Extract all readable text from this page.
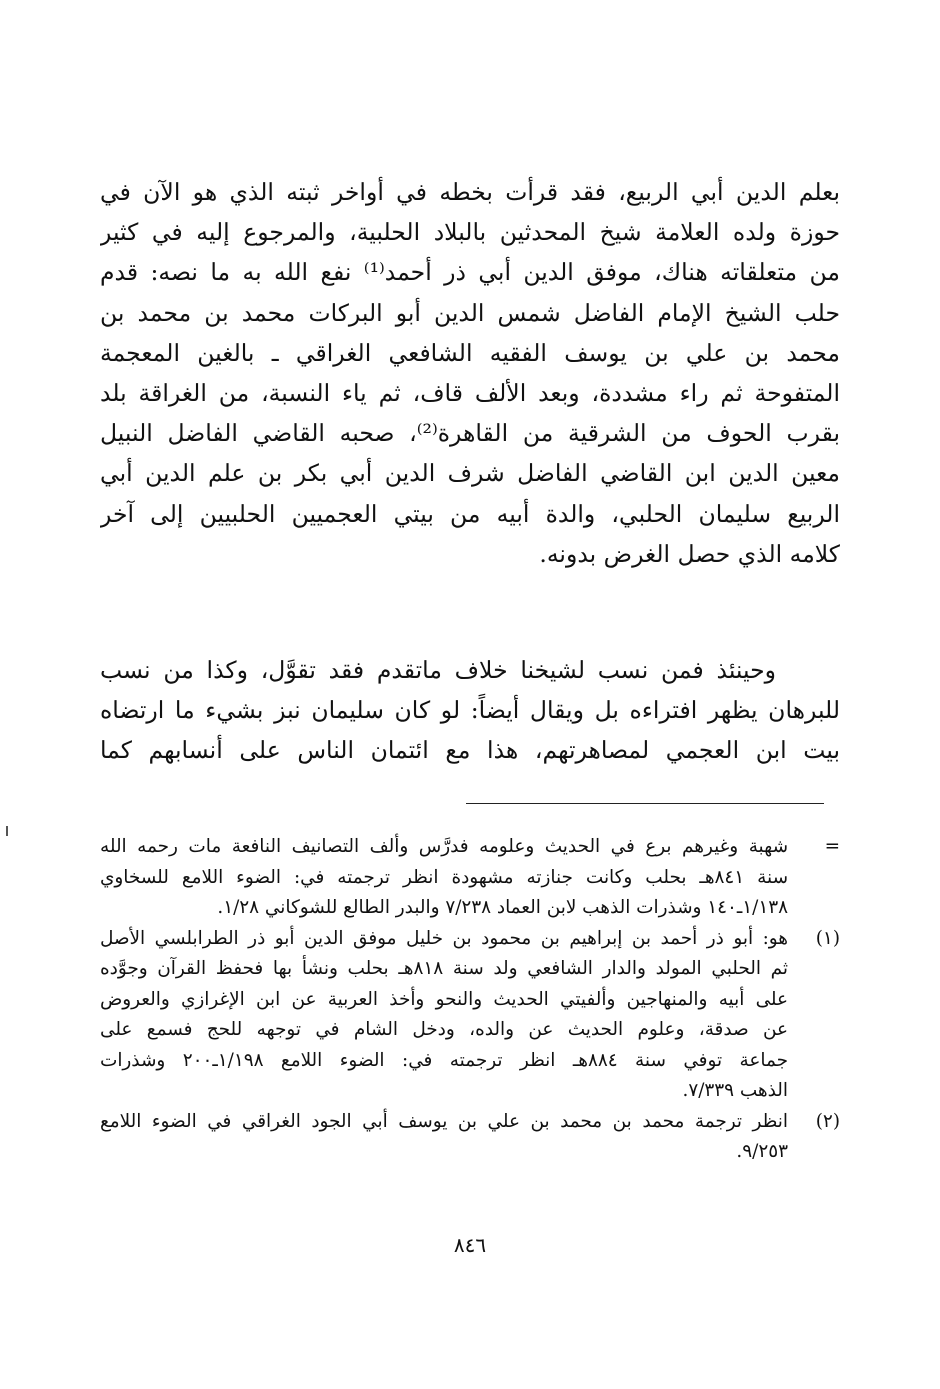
بعلم الدين أبي الربيع، فقد قرأت بخطه في أواخر ثبته الذي هو الآن في
حوزة ولده العلامة شيخ المحدثين بالبلاد الحلبية، والمرجوع إليه في كثير
من متعلقاته هناك، موفق الدين أبي ذر أحمد⁽¹⁾ نفع الله به ما نصه: قدم
حلب الشيخ الإمام الفاضل شمس الدين أبو البركات محمد بن محمد بن
محمد بن علي بن يوسف الفقيه الشافعي الغراقي ـ بالغين المعجمة
المتفوحة ثم راء مشددة، وبعد الألف قاف، ثم ياء النسبة، من الغراقة بلد
بقرب الحوف من الشرقية من القاهرة⁽²⁾، صحبه القاضي الفاضل النبيل
معين الدين ابن القاضي الفاضل شرف الدين أبي بكر بن علم الدين أبي
الربيع سليمان الحلبي، والدة أبيه من بيتي العجميين الحلبيين إلى آخر
كلامه الذي حصل الغرض بدونه.
وحينئذ فمن نسب لشيخنا خلاف ماتقدم فقد تقوَّل، وكذا من نسب
للبرهان يظهر افتراءه بل ويقال أيضاً: لو كان سليمان نبز بشيء ما ارتضاه
بيت ابن العجمي لمصاهرتهم، هذا مع ائتمان الناس على أنسابهم كما
=
شهبة وغيرهم برع في الحديث وعلومه فدرَّس وألف التصانيف النافعة مات رحمه الله
سنة ٨٤١هـ بحلب وكانت جنازته مشهودة انظر ترجمته في: الضوء اللامع للسخاوي
١/١٣٨ـ١٤٠ وشذرات الذهب لابن العماد ٧/٢٣٨ والبدر الطالع للشوكاني ١/٢٨.
(١)
هو: أبو ذر أحمد بن إبراهيم بن محمود بن خليل موفق الدين أبو ذر الطرابلسي الأصل
ثم الحلبي المولد والدار الشافعي ولد سنة ٨١٨هـ بحلب ونشأ بها فحفظ القرآن وجوَّده
على أبيه والمنهاجين وألفيتي الحديث والنحو وأخذ العربية عن ابن الإغرازي والعروض
عن صدقة، وعلوم الحديث عن والده، ودخل الشام في توجهه للحج فسمع على
جماعة توفي سنة ٨٨٤هـ انظر ترجمته في: الضوء اللامع ١/١٩٨ـ٢٠٠ وشذرات
الذهب ٧/٣٣٩.
(٢)
انظر ترجمة محمد بن محمد بن علي بن يوسف أبي الجود الغراقي في الضوء اللامع
٩/٢٥٣.
٨٤٦
